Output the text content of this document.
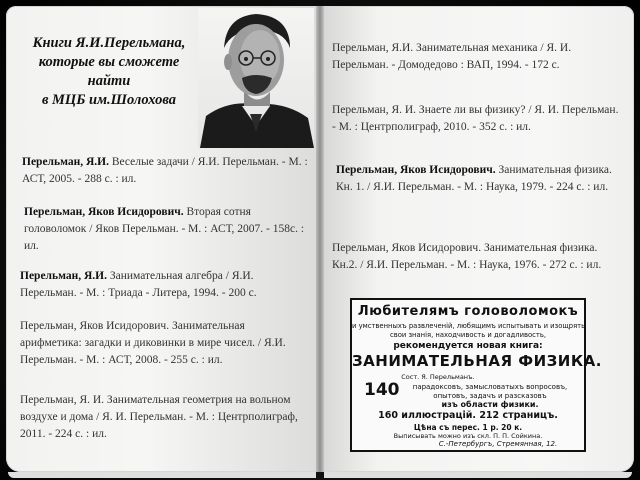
Книги Я.И.Перельмана,
которые вы сможете найти
в МЦБ им.Шолохова
Перельман, Я.И. Веселые задачи / Я.И. Перельман. - М. : АСТ, 2005. - 288 с. : ил.
Перельман, Яков Исидорович. Вторая сотня головоломок / Яков Перельман. - М. : АСТ, 2007. - 158с. : ил.
Перельман, Я.И. Занимательная алгебра / Я.И. Перельман. - М. : Триада - Литера, 1994. - 200 с.
Перельман, Яков Исидорович. Занимательная арифметика: загадки и диковинки в мире чисел. / Я.И. Перельман. - М. : АСТ, 2008. - 255 с. : ил.
Перельман, Я. И. Занимательная геометрия на вольном воздухе и дома / Я. И. Перельман. - М. : Центрполиграф, 2011. - 224 с. : ил.
Перельман, Я.И. Занимательная механика / Я. И. Перельман. - Домодедово : ВАП, 1994. - 172 с.
Перельман, Я. И. Знаете ли вы физику? / Я. И. Перельман. - М. : Центрполиграф, 2010. - 352 с. : ил.
Перельман, Яков Исидорович. Занимательная физика. Кн. 1. / Я.И. Перельман. - М. : Наука, 1979. - 224 с. : ил.
Перельман, Яков Исидорович. Занимательная физика. Кн.2. / Я.И. Перельман. - М. : Наука, 1976. - 272 с. : ил.
Любителямъ головоломокъ
и умственныхъ развлеченій, любящимъ испытывать и изощрять
свои знанія, находчивость и догадливость,
рекомендуется новая книга:
ЗАНИМАТЕЛЬНАЯ ФИЗИКА.
Сост. Я. Перельманъ.
140	парадоксовъ, замысловатыхъ вопросовъ,
опытовъ, задачъ и разсказовъ
изъ области физики.
160 иллюстрацій. 212 страницъ.
Цѣна съ перес. 1 р. 20 к.
Выписывать можно изъ скл. П. П. Сойкина.
С.-Петербургъ, Стремянная, 12.
